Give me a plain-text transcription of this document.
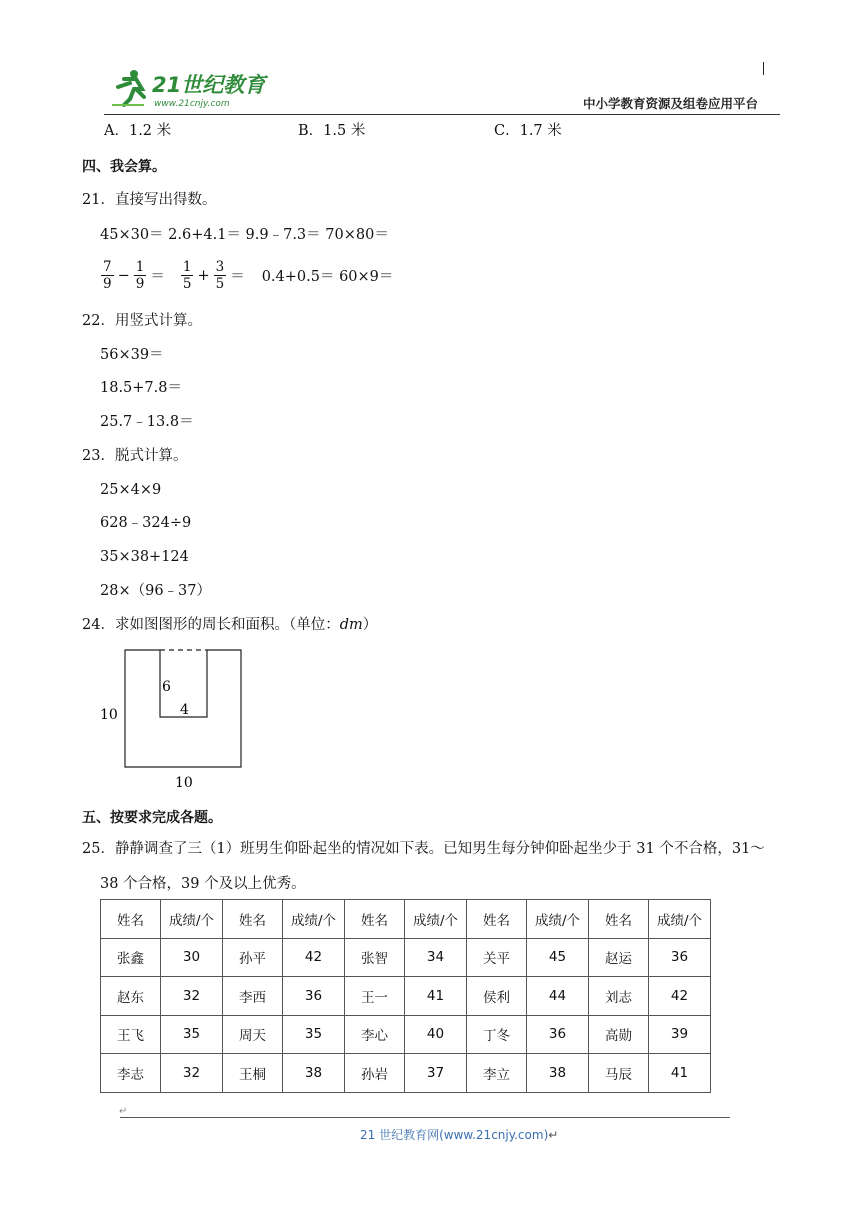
21世纪教育
www.21cnjy.com	中小学教育资源及组卷应用平台
A．1.2 米	B．1.5 米	C．1.7 米
四、我会算。
21．直接写出得数。
45×30＝ 2.6+4.1＝ 9.9﹣7.3＝ 70×80＝
$\frac{7}{9} - \frac{1}{9} = \frac{1}{5} + \frac{3}{5} = 0.4+0.5= 60\times 9=$
22．用竖式计算。
56×39＝
18.5+7.8＝
25.7﹣13.8＝
23．脱式计算。
25×4×9
628﹣324÷9
35×38+124
28×（96﹣37）
24．求如图图形的周长和面积。（单位：dm）
10
10
6
4
五、按要求完成各题。
25．静静调查了三（1）班男生仰卧起坐的情况如下表。已知男生每分钟仰卧起坐少于 31 个不合格，31～
38 个合格，39 个及以上优秀。
姓名	成绩/个	姓名	成绩/个	姓名	成绩/个	姓名	成绩/个	姓名	成绩/个
张鑫	30	孙平	42	张智	34	关平	45	赵运	36
赵东	32	李西	36	王一	41	侯利	44	刘志	42
王飞	35	周天	35	李心	40	丁冬	36	高勋	39
李志	32	王桐	38	孙岩	37	李立	38	马辰	41
↵
21 世纪教育网(www.21cnjy.com)↵
